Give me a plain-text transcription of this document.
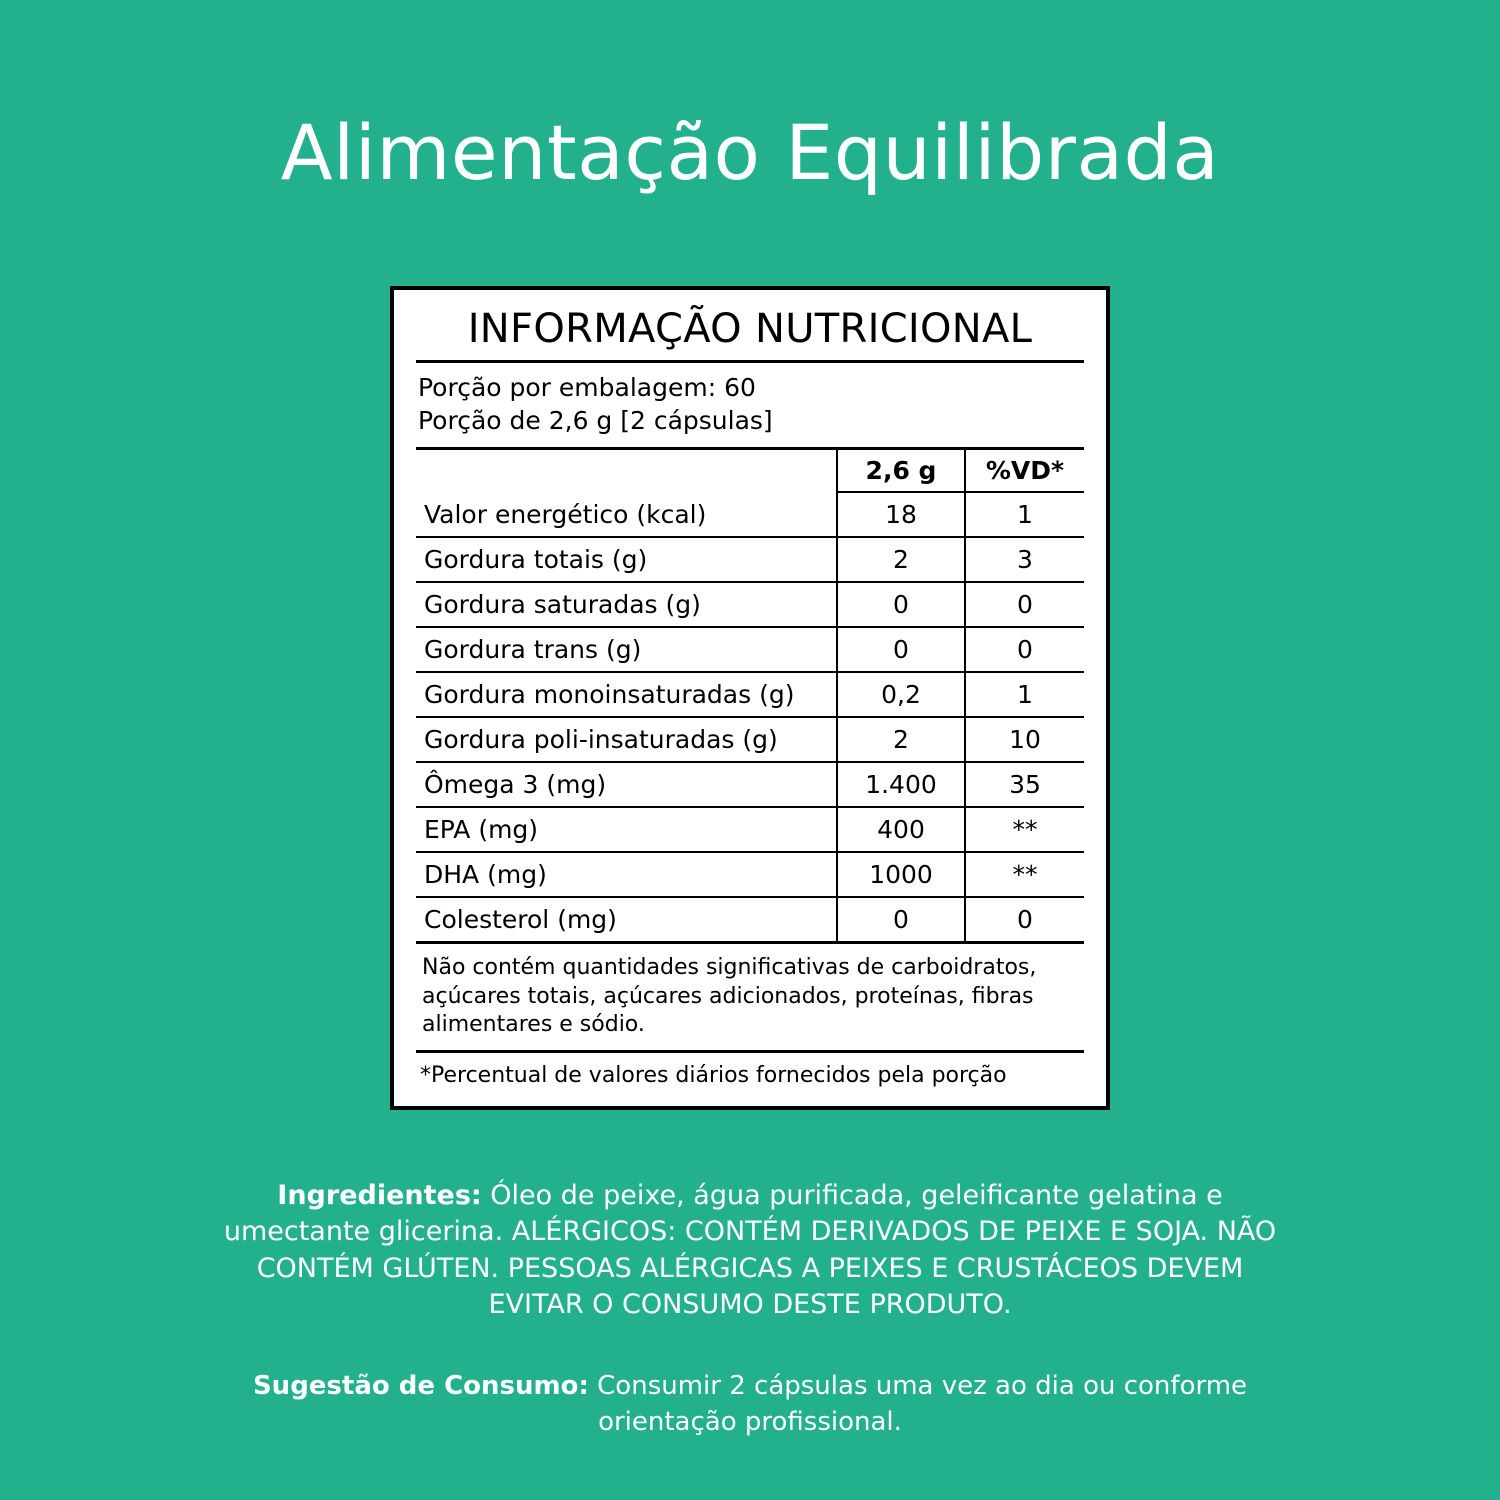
Alimentação Equilibrada
INFORMAÇÃO NUTRICIONAL
Porção por embalagem: 60
Porção de 2,6 g [2 cápsulas]
	2,6 g	%VD*
Valor energético (kcal)	18	1
Gordura totais (g)	2	3
Gordura saturadas (g)	0	0
Gordura trans (g)	0	0
Gordura monoinsaturadas (g)	0,2	1
Gordura poli-insaturadas (g)	2	10
Ômega 3 (mg)	1.400	35
EPA (mg)	400	**
DHA (mg)	1000	**
Colesterol (mg)	0	0
Não contém quantidades significativas de carboidratos, açúcares totais, açúcares adicionados, proteínas, fibras alimentares e sódio.
*Percentual de valores diários fornecidos pela porção
Ingredientes: Óleo de peixe, água purificada, geleificante gelatina e umectante glicerina. ALÉRGICOS: CONTÉM DERIVADOS DE PEIXE E SOJA. NÃO CONTÉM GLÚTEN. PESSOAS ALÉRGICAS A PEIXES E CRUSTÁCEOS DEVEM EVITAR O CONSUMO DESTE PRODUTO.
Sugestão de Consumo: Consumir 2 cápsulas uma vez ao dia ou conforme orientação profissional.
